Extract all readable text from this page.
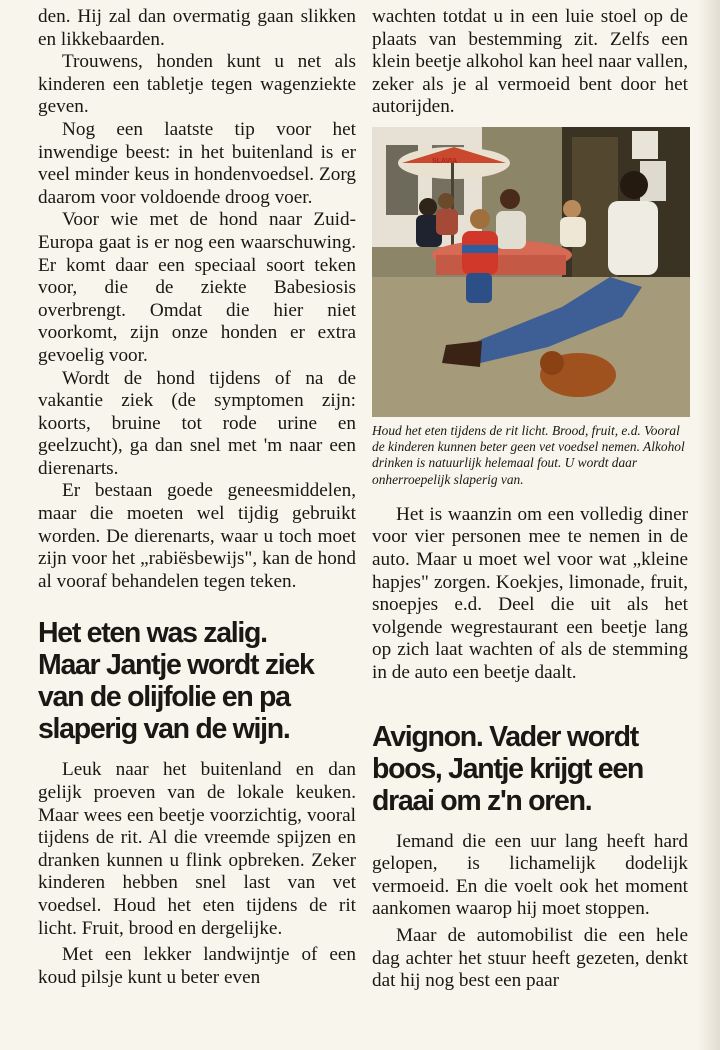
den. Hij zal dan overmatig gaan slikken en likkebaarden.

Trouwens, honden kunt u net als kinderen een tabletje tegen wagenziekte geven.

Nog een laatste tip voor het inwendige beest: in het buitenland is er veel minder keus in hondenvoedsel. Zorg daarom voor voldoende droog voer.

Voor wie met de hond naar Zuid-Europa gaat is er nog een waarschuwing. Er komt daar een speciaal soort teken voor, die de ziekte Babesiosis overbrengt. Omdat die hier niet voorkomt, zijn onze honden er extra gevoelig voor.

Wordt de hond tijdens of na de vakantie ziek (de symptomen zijn: koorts, bruine tot rode urine en geelzucht), ga dan snel met 'm naar een dierenarts.

Er bestaan goede geneesmiddelen, maar die moeten wel tijdig gebruikt worden. De dierenarts, waar u toch moet zijn voor het „rabiësbewijs", kan de hond al vooraf behandelen tegen teken.

Het eten was zalig.
Maar Jantje wordt ziek
van de olijfolie en pa
slaperig van de wijn.

Leuk naar het buitenland en dan gelijk proeven van de lokale keuken. Maar wees een beetje voorzichtig, vooral tijdens de rit. Al die vreemde spijzen en dranken kunnen u flink opbreken. Zeker kinderen hebben snel last van vet voedsel. Houd het eten tijdens de rit licht. Fruit, brood en dergelijke.

Met een lekker landwijntje of een koud pilsje kunt u beter even

wachten totdat u in een luie stoel op de plaats van bestemming zit. Zelfs een klein beetje alkohol kan heel naar vallen, zeker als je al vermoeid bent door het autorijden.

SLAVIA

Houd het eten tijdens de rit licht. Brood, fruit, e.d. Vooral de kinderen kunnen beter geen vet voedsel nemen. Alkohol drinken is natuurlijk helemaal fout. U wordt daar onherroepelijk slaperig van.

Het is waanzin om een volledig diner voor vier personen mee te nemen in de auto. Maar u moet wel voor wat „kleine hapjes" zorgen. Koekjes, limonade, fruit, snoepjes e.d. Deel die uit als het volgende wegrestaurant een beetje lang op zich laat wachten of als de stemming in de auto een beetje daalt.

Avignon. Vader wordt
boos, Jantje krijgt een
draai om z'n oren.

Iemand die een uur lang heeft hard gelopen, is lichamelijk dodelijk vermoeid. En die voelt ook het moment aankomen waarop hij moet stoppen.

Maar de automobilist die een hele dag achter het stuur heeft gezeten, denkt dat hij nog best een paar
